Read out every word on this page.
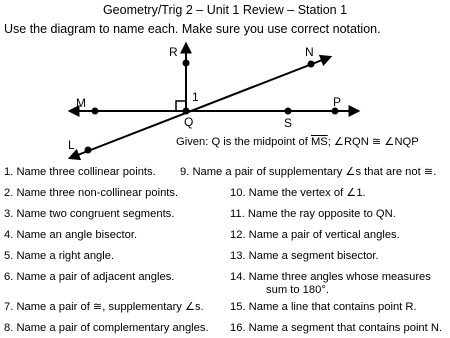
Geometry/Trig 2 – Unit 1 Review – Station 1
Use the diagram to name each. Make sure you use correct notation.
R	N
M	P
Q	S
L
1
Given: Q is the midpoint of $\overline{MS}$; ∠RQN ≅ ∠NQP
1. Name three collinear points.
2. Name three non-collinear points.
3. Name two congruent segments.
4. Name an angle bisector.
5. Name a right angle.
6. Name a pair of adjacent angles.
7. Name a pair of ≅, supplementary ∠s.
8. Name a pair of complementary angles.
9. Name a pair of supplementary ∠s that are not ≅.
10. Name the vertex of ∠1.
11. Name the ray opposite to QN.
12. Name a pair of vertical angles.
13. Name a segment bisector.
14. Name three angles whose measures
sum to 180°.
15. Name a line that contains point R.
16. Name a segment that contains point N.
